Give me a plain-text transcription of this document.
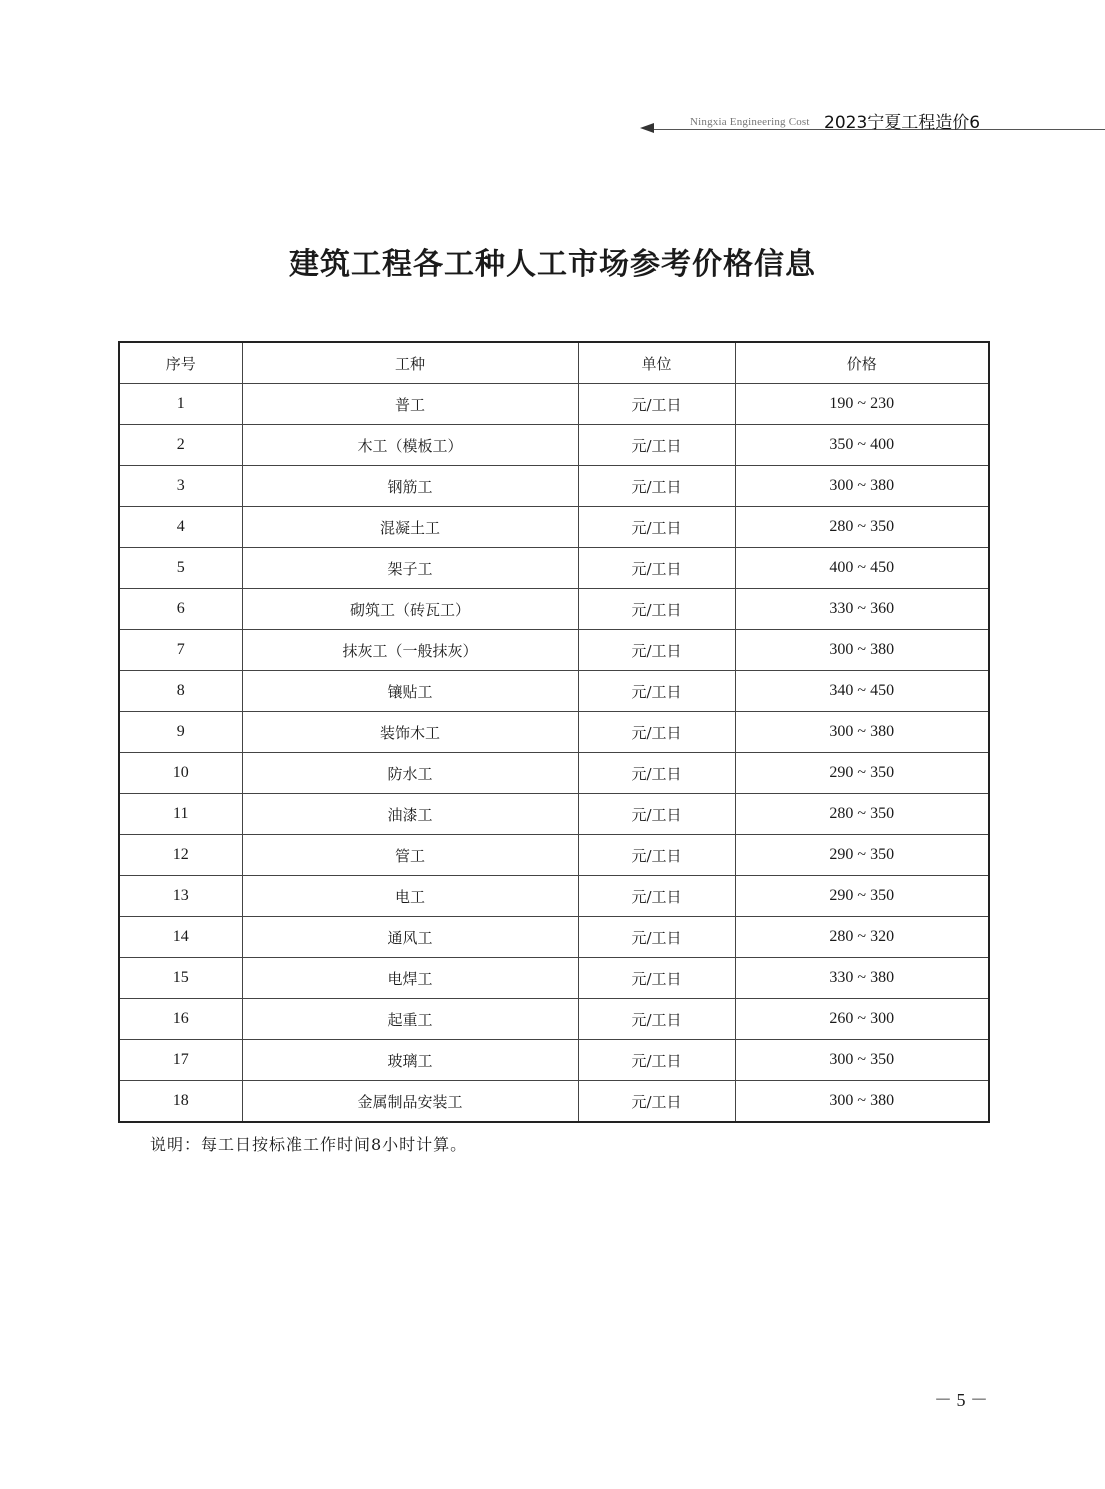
Ningxia Engineering Cost 2023宁夏工程造价6
建筑工程各工种人工市场参考价格信息
序号	工种	单位	价格
1	普工	元/工日	190 ~ 230
2	木工（模板工）	元/工日	350 ~ 400
3	钢筋工	元/工日	300 ~ 380
4	混凝土工	元/工日	280 ~ 350
5	架子工	元/工日	400 ~ 450
6	砌筑工（砖瓦工）	元/工日	330 ~ 360
7	抹灰工（一般抹灰）	元/工日	300 ~ 380
8	镶贴工	元/工日	340 ~ 450
9	装饰木工	元/工日	300 ~ 380
10	防水工	元/工日	290 ~ 350
11	油漆工	元/工日	280 ~ 350
12	管工	元/工日	290 ~ 350
13	电工	元/工日	290 ~ 350
14	通风工	元/工日	280 ~ 320
15	电焊工	元/工日	330 ~ 380
16	起重工	元/工日	260 ~ 300
17	玻璃工	元/工日	300 ~ 350
18	金属制品安装工	元/工日	300 ~ 380
说明：每工日按标准工作时间8小时计算。
－ 5 －
